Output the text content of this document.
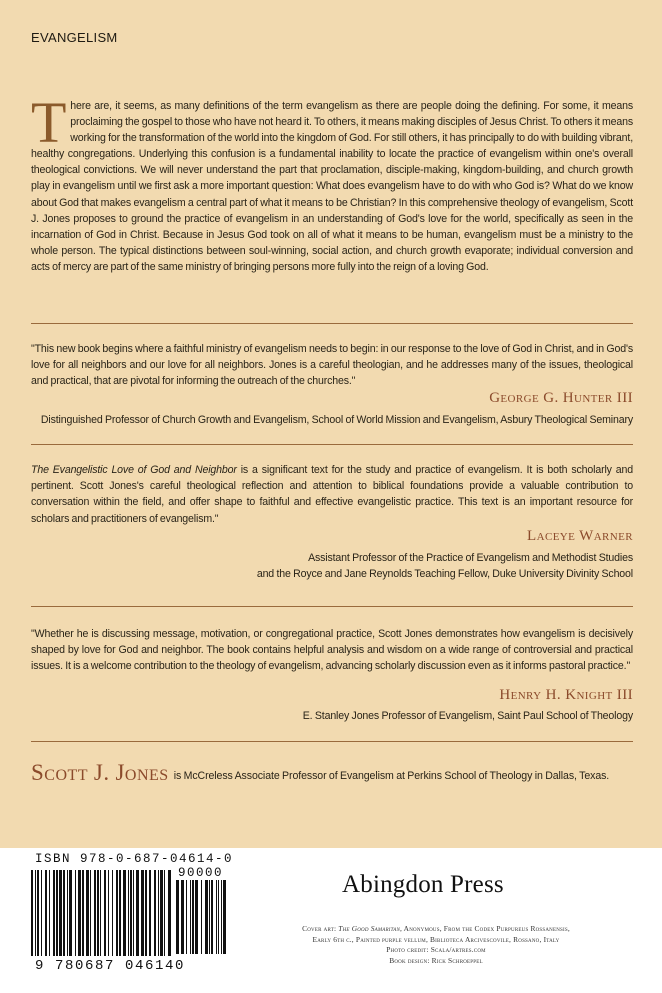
EVANGELISM
There are, it seems, as many definitions of the term evangelism as there are people doing the defining. For some, it means proclaiming the gospel to those who have not heard it. To others, it means making disciples of Jesus Christ. To others it means working for the transformation of the world into the kingdom of God. For still others, it has principally to do with building vibrant, healthy congregations. Underlying this confusion is a fundamental inability to locate the practice of evangelism within one's overall theological convictions. We will never understand the part that proclamation, disciple-making, kingdom-building, and church growth play in evangelism until we first ask a more important question: What does evangelism have to do with who God is? What do we know about God that makes evangelism a central part of what it means to be Christian? In this comprehensive theology of evangelism, Scott J. Jones proposes to ground the practice of evangelism in an understanding of God's love for the world, specifically as seen in the incarnation of God in Christ. Because in Jesus God took on all of what it means to be human, evangelism must be a ministry to the whole person. The typical distinctions between soul-winning, social action, and church growth evaporate; individual conversion and acts of mercy are part of the same ministry of bringing persons more fully into the reign of a loving God.
"This new book begins where a faithful ministry of evangelism needs to begin: in our response to the love of God in Christ, and in God's love for all neighbors and our love for all neighbors. Jones is a careful theologian, and he addresses many of the issues, theological and practical, that are pivotal for informing the outreach of the churches."
George G. Hunter III
Distinguished Professor of Church Growth and Evangelism, School of World Mission and Evangelism, Asbury Theological Seminary
The Evangelistic Love of God and Neighbor is a significant text for the study and practice of evangelism. It is both scholarly and pertinent. Scott Jones's careful theological reflection and attention to biblical foundations provide a valuable contribution to conversation within the field, and offer shape to faithful and effective evangelistic practice. This text is an important resource for scholars and practitioners of evangelism."
Laceye Warner
Assistant Professor of the Practice of Evangelism and Methodist Studies
and the Royce and Jane Reynolds Teaching Fellow, Duke University Divinity School
"Whether he is discussing message, motivation, or congregational practice, Scott Jones demonstrates how evangelism is decisively shaped by love for God and neighbor. The book contains helpful analysis and wisdom on a wide range of controversial and practical issues. It is a welcome contribution to the theology of evangelism, advancing scholarly discussion even as it informs pastoral practice."
Henry H. Knight III
E. Stanley Jones Professor of Evangelism, Saint Paul School of Theology
Scott J. Jones is McCreless Associate Professor of Evangelism at Perkins School of Theology in Dallas, Texas.
ISBN 978-0-687-04614-0
90000
9 780687 046140
Abingdon Press
Cover art: The Good Samaritan, Anonymous, From the Codex Purpureus Rossanensis,
Early 6th c., Painted purple vellum, Biblioteca Arcivescovile, Rossano, Italy
Photo credit: Scala/artres.com
Book design: Rick Schroeppel
